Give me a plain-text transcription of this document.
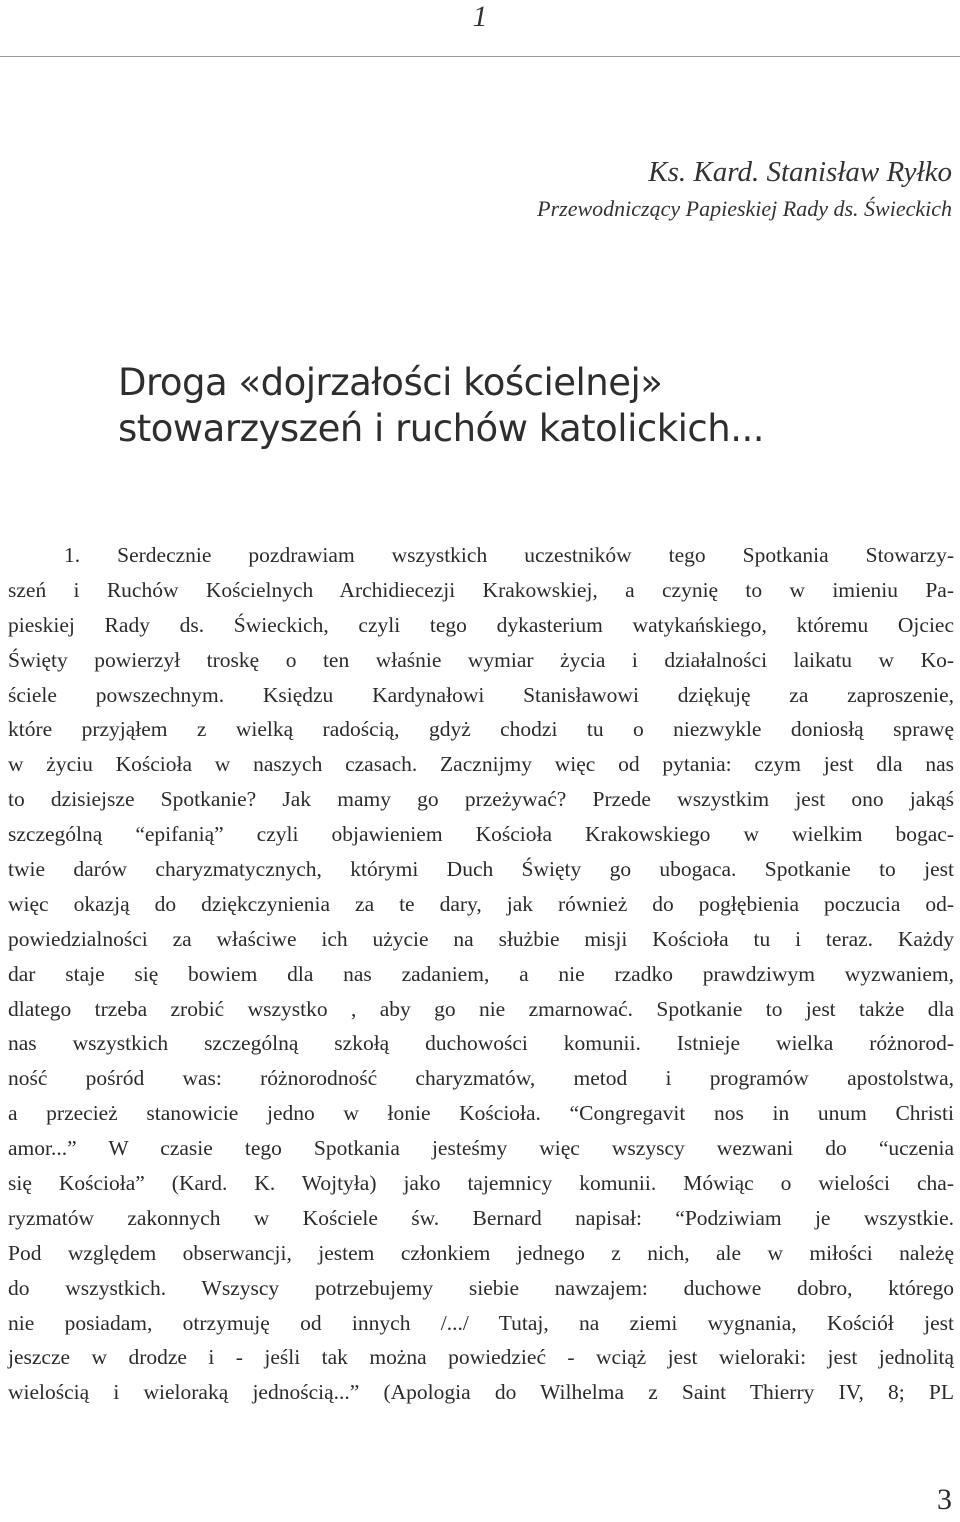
1
Ks. Kard. Stanisław Ryłko
Przewodniczący Papieskiej Rady ds. Świeckich
Droga «dojrzałości kościelnej»
stowarzyszeń i ruchów katolickich...
1. Serdecznie pozdrawiam wszystkich uczestników tego Spotkania Stowarzy-
szeń i Ruchów Kościelnych Archidiecezji Krakowskiej, a czynię to w imieniu Pa-
pieskiej Rady ds. Świeckich, czyli tego dykasterium watykańskiego, któremu Ojciec
Święty powierzył troskę o ten właśnie wymiar życia i działalności laikatu w Ko-
ściele powszechnym. Księdzu Kardynałowi Stanisławowi dziękuję za zaproszenie,
które przyjąłem z wielką radością, gdyż chodzi tu o niezwykle doniosłą sprawę
w życiu Kościoła w naszych czasach. Zacznijmy więc od pytania: czym jest dla nas
to dzisiejsze Spotkanie? Jak mamy go przeżywać? Przede wszystkim jest ono jakąś
szczególną “epifanią” czyli objawieniem Kościoła Krakowskiego w wielkim bogac-
twie darów charyzmatycznych, którymi Duch Święty go ubogaca. Spotkanie to jest
więc okazją do dziękczynienia za te dary, jak również do pogłębienia poczucia od-
powiedzialności za właściwe ich użycie na służbie misji Kościoła tu i teraz. Każdy
dar staje się bowiem dla nas zadaniem, a nie rzadko prawdziwym wyzwaniem,
dlatego trzeba zrobić wszystko , aby go nie zmarnować. Spotkanie to jest także dla
nas wszystkich szczególną szkołą duchowości komunii. Istnieje wielka różnorod-
ność pośród was: różnorodność charyzmatów, metod i programów apostolstwa,
a przecież stanowicie jedno w łonie Kościoła. “Congregavit nos in unum Christi
amor...” W czasie tego Spotkania jesteśmy więc wszyscy wezwani do “uczenia
się Kościoła” (Kard. K. Wojtyła) jako tajemnicy komunii. Mówiąc o wielości cha-
ryzmatów zakonnych w Kościele św. Bernard napisał: “Podziwiam je wszystkie.
Pod względem obserwancji, jestem członkiem jednego z nich, ale w miłości należę
do wszystkich. Wszyscy potrzebujemy siebie nawzajem: duchowe dobro, którego
nie posiadam, otrzymuję od innych /.../ Tutaj, na ziemi wygnania, Kościół jest
jeszcze w drodze i - jeśli tak można powiedzieć - wciąż jest wieloraki: jest jednolitą
wielością i wieloraką jednością...” (Apologia do Wilhelma z Saint Thierry IV, 8; PL
3
